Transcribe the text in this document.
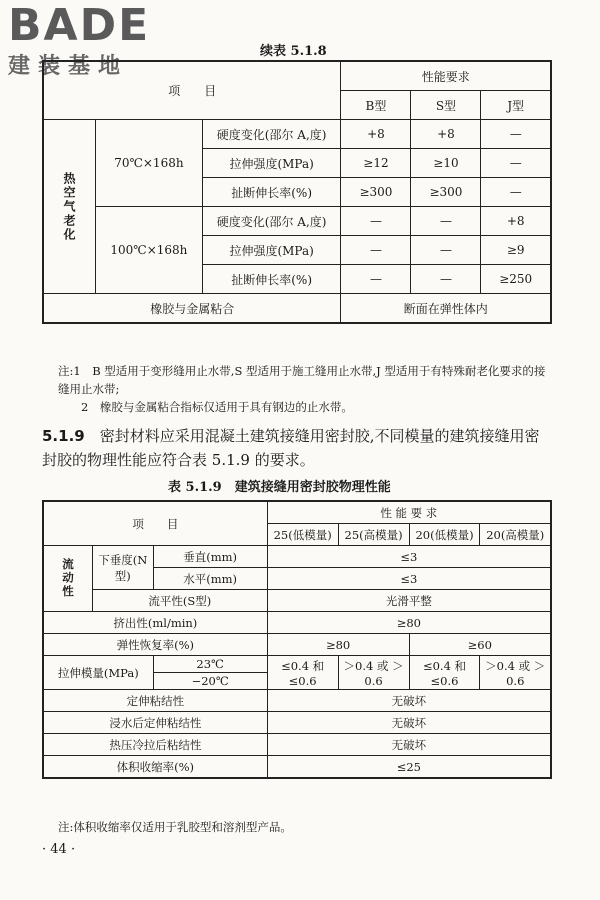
BADE
建装基地
续表 5.1.8
项　　目			性能要求		
			B型	S型	J型
热空气老化	70℃×168h	硬度变化(邵尔 A,度)	+8	+8	—
		拉伸强度(MPa)	≥12	≥10	—
		扯断伸长率(%)	≥300	≥300	—
	100℃×168h	硬度变化(邵尔 A,度)	—	—	+8
		拉伸强度(MPa)	—	—	≥9
		扯断伸长率(%)	—	—	≥250
橡胶与金属粘合			断面在弹性体内		
注:1　B 型适用于变形缝用止水带,S 型适用于施工缝用止水带,J 型适用于有特殊耐老化要求的接缝用止水带;
　　2　橡胶与金属粘合指标仅适用于具有钢边的止水带。
5.1.9　 密封材料应采用混凝土建筑接缝用密封胶,不同模量的建筑接缝用密封胶的物理性能应符合表 5.1.9 的要求。
表 5.1.9　建筑接缝用密封胶物理性能
项　　目			性 能 要 求			
			25(低模量)	25(高模量)	20(低模量)	20(高模量)
流动性	下垂度(N型)	垂直(mm)	≤3			
		水平(mm)	≤3			
	流平性(S型)		光滑平整			
挤出性(ml/min)			≥80			
弹性恢复率(%)			≥80		≥60	
拉伸模量(MPa)		23℃	≤0.4 和 ≤0.6	＞0.4 或 ＞0.6	≤0.4 和 ≤0.6	＞0.4 或 ＞0.6
		−20℃				
定伸粘结性			无破坏			
浸水后定伸粘结性			无破坏			
热压冷拉后粘结性			无破坏			
体积收缩率(%)			≤25			
注:体积收缩率仅适用于乳胶型和溶剂型产品。
· 44 ·
